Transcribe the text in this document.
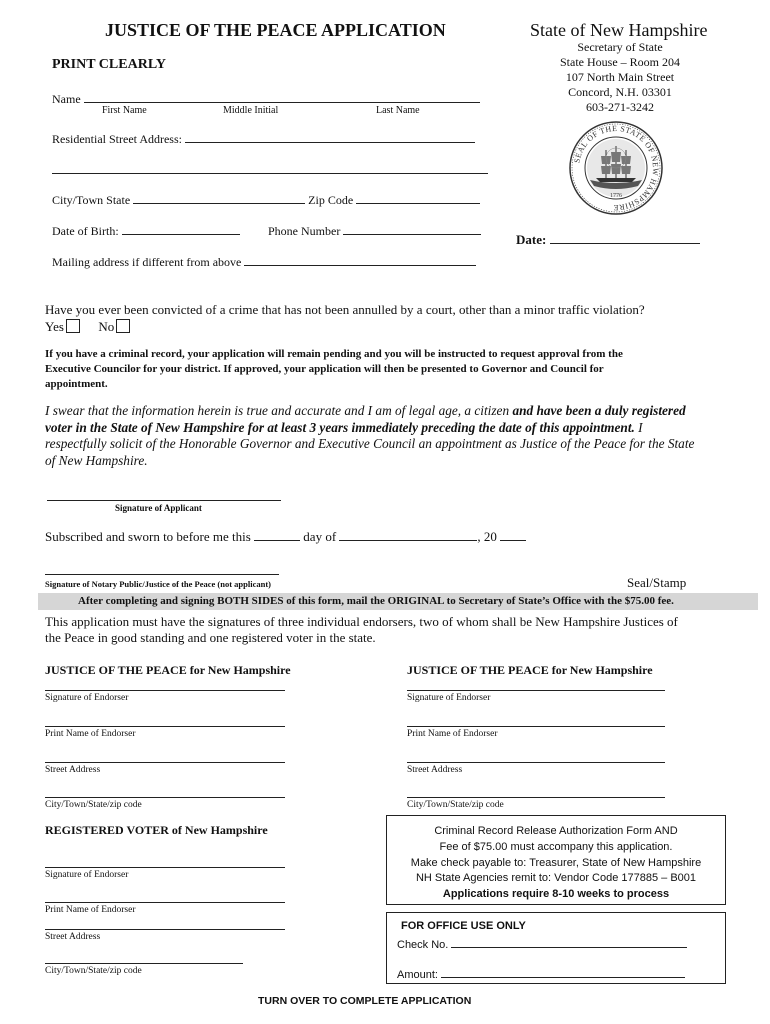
JUSTICE OF THE PEACE APPLICATION
PRINT CLEARLY
State of New Hampshire
Secretary of State
State House – Room 204
107 North Main Street
Concord, N.H. 03301
603-271-3242
SEAL OF THE STATE OF NEW HAMPSHIRE
1776
Name
First Name	Middle Initial	Last Name
Residential Street Address:
City/Town State	Zip Code
Date of Birth:	Phone Number
Date:
Mailing address if different from above
Have you ever been convicted of a crime that has not been annulled by a court, other than a minor traffic violation?
Yes	No
If you have a criminal record, your application will remain pending and you will be instructed to request approval from the
Executive Councilor for your district. If approved, your application will then be presented to Governor and Council for
appointment.
I swear that the information herein is true and accurate and I am of legal age, a citizen and have been a duly registered
voter in the State of New Hampshire for at least 3 years immediately preceding the date of this appointment. I
respectfully solicit of the Honorable Governor and Executive Council an appointment as Justice of the Peace for the State
of New Hampshire.
Signature of Applicant
Subscribed and sworn to before me this	day of	, 20
Signature of Notary Public/Justice of the Peace (not applicant)	Seal/Stamp
After completing and signing BOTH SIDES of this form, mail the ORIGINAL to Secretary of State’s Office with the $75.00 fee.
This application must have the signatures of three individual endorsers, two of whom shall be New Hampshire Justices of
the Peace in good standing and one registered voter in the state.
JUSTICE OF THE PEACE for New Hampshire
Signature of Endorser
Print Name of Endorser
Street Address
City/Town/State/zip code
JUSTICE OF THE PEACE for New Hampshire
Signature of Endorser
Print Name of Endorser
Street Address
City/Town/State/zip code
REGISTERED VOTER of New Hampshire
Signature of Endorser
Print Name of Endorser
Street Address
City/Town/State/zip code
Criminal Record Release Authorization Form AND
Fee of $75.00 must accompany this application.
Make check payable to: Treasurer, State of New Hampshire
NH State Agencies remit to: Vendor Code 177885 – B001
Applications require 8-10 weeks to process
FOR OFFICE USE ONLY
Check No.
Amount:
TURN OVER TO COMPLETE APPLICATION
